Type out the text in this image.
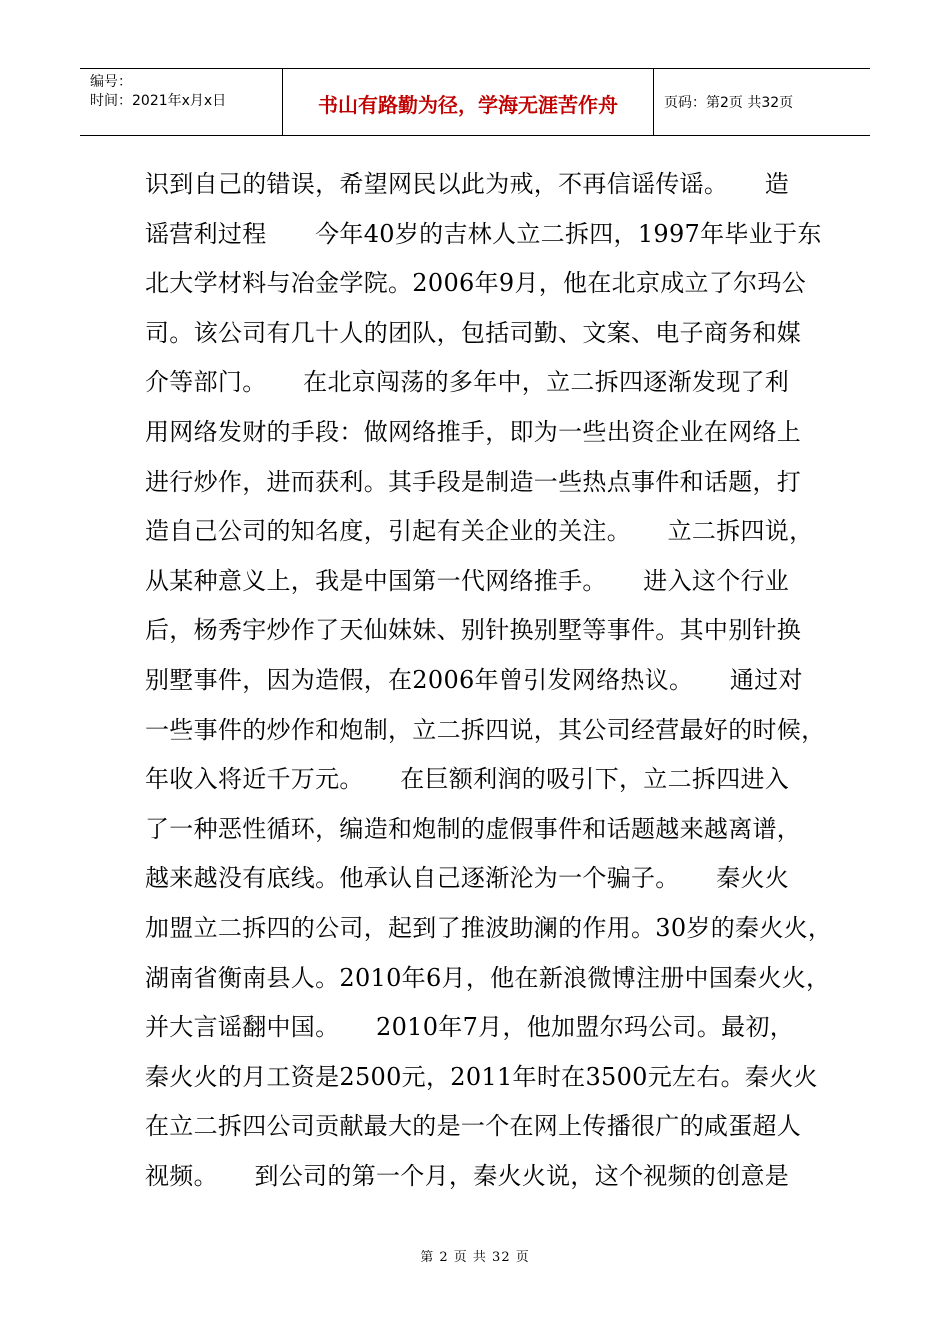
编号：
时间：2021年x月x日	书山有路勤为径，学海无涯苦作舟	页码：第2页 共32页

识到自己的错误，希望网民以此为戒，不再信谣传谣。　　造

谣营利过程　　今年40岁的吉林人立二拆四，1997年毕业于东

北大学材料与冶金学院。2006年9月，他在北京成立了尔玛公

司。该公司有几十人的团队，包括司勤、文案、电子商务和媒

介等部门。　　在北京闯荡的多年中，立二拆四逐渐发现了利

用网络发财的手段：做网络推手，即为一些出资企业在网络上

进行炒作，进而获利。其手段是制造一些热点事件和话题，打

造自己公司的知名度，引起有关企业的关注。　　立二拆四说，

从某种意义上，我是中国第一代网络推手。　　进入这个行业

后，杨秀宇炒作了天仙妹妹、别针换别墅等事件。其中别针换

别墅事件，因为造假，在2006年曾引发网络热议。　　通过对

一些事件的炒作和炮制，立二拆四说，其公司经营最好的时候，

年收入将近千万元。　　在巨额利润的吸引下，立二拆四进入

了一种恶性循环，编造和炮制的虚假事件和话题越来越离谱，

越来越没有底线。他承认自己逐渐沦为一个骗子。　　秦火火

加盟立二拆四的公司，起到了推波助澜的作用。30岁的秦火火，

湖南省衡南县人。2010年6月，他在新浪微博注册中国秦火火，

并大言谣翻中国。　　2010年7月，他加盟尔玛公司。最初，

秦火火的月工资是2500元，2011年时在3500元左右。秦火火

在立二拆四公司贡献最大的是一个在网上传播很广的咸蛋超人

视频。　　到公司的第一个月，秦火火说，这个视频的创意是

第 2 页 共 32 页
